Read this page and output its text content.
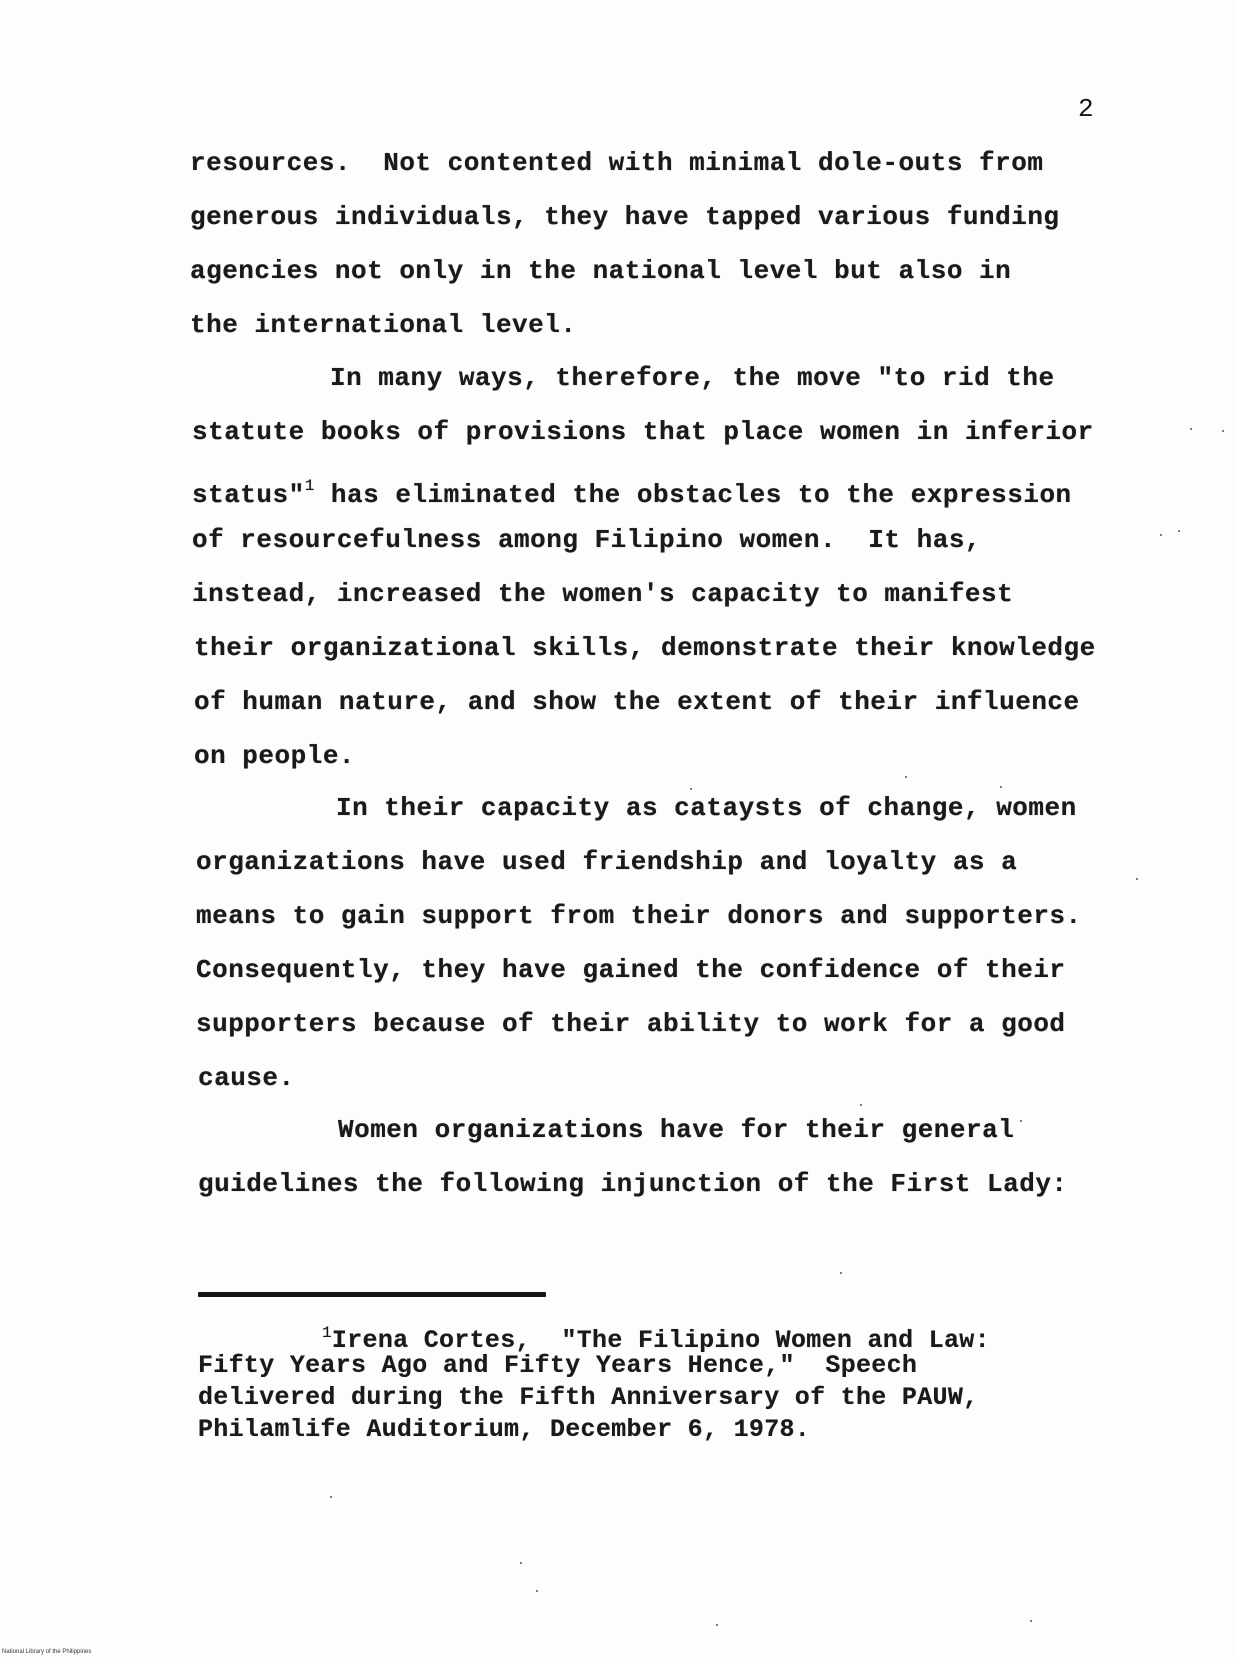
2
resources.  Not contented with minimal dole-outs from
generous individuals, they have tapped various funding
agencies not only in the national level but also in
the international level.
In many ways, therefore, the move "to rid the
statute books of provisions that place women in inferior
status"$^1$ has eliminated the obstacles to the expression
of resourcefulness among Filipino women.  It has,
instead, increased the women's capacity to manifest
their organizational skills, demonstrate their knowledge
of human nature, and show the extent of their influence
on people.
In their capacity as cataysts of change, women
organizations have used friendship and loyalty as a
means to gain support from their donors and supporters.
Consequently, they have gained the confidence of their
supporters because of their ability to work for a good
cause.
Women organizations have for their general
guidelines the following injunction of the First Lady:
$^1$Irena Cortes,  "The Filipino Women and Law:
Fifty Years Ago and Fifty Years Hence,"  Speech
delivered during the Fifth Anniversary of the PAUW,
Philamlife Auditorium, December 6, 1978.
National Library of the Philippines
